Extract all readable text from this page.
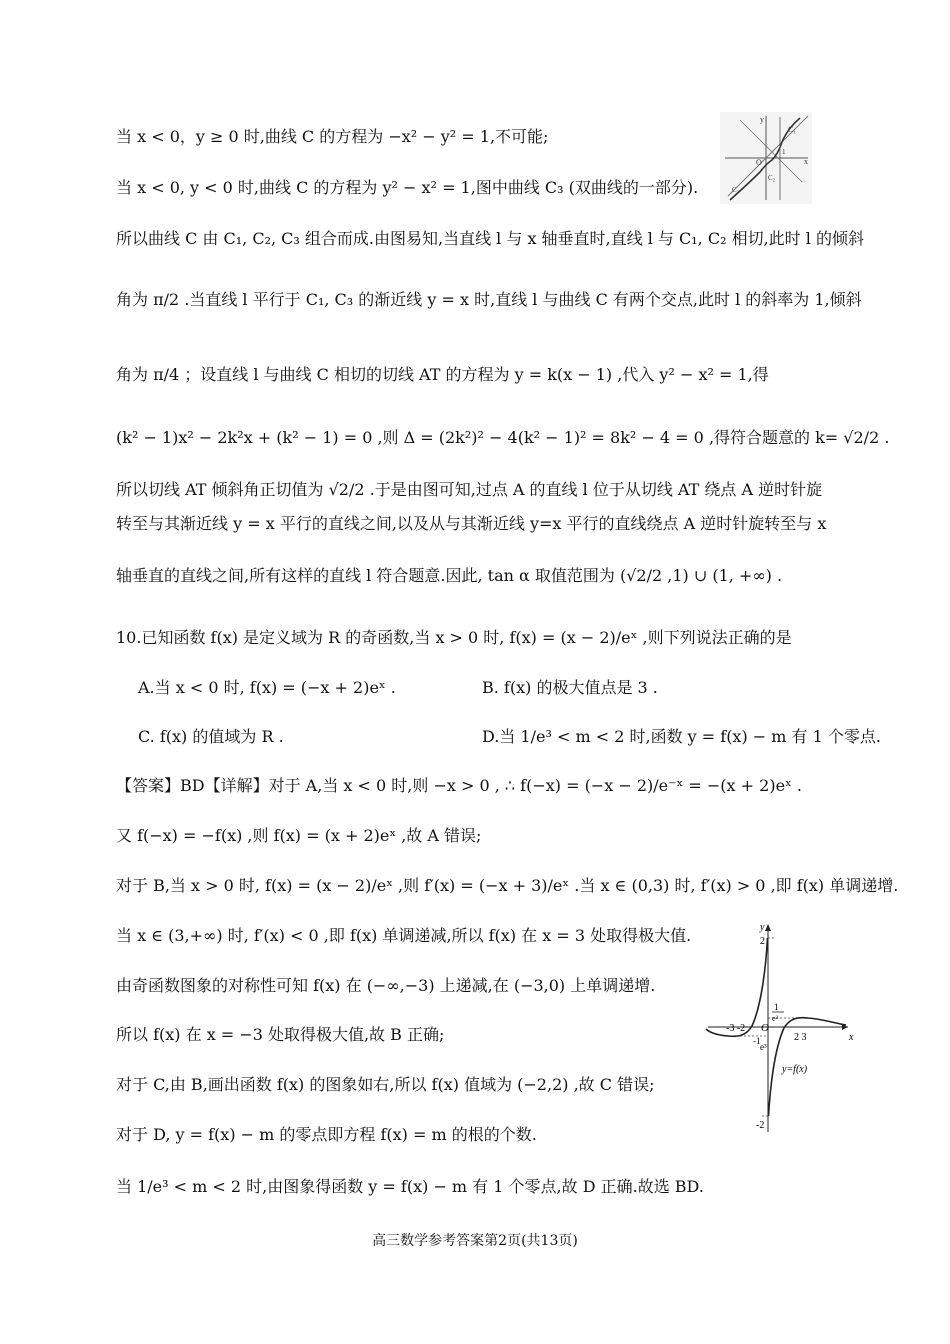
当 x < 0，y ≥ 0 时,曲线 C 的方程为 −x² − y² = 1,不可能;
当 x < 0, y < 0 时,曲线 C 的方程为 y² − x² = 1,图中曲线 C₃ (双曲线的一部分).
所以曲线 C 由 C₁, C₂, C₃ 组合而成.由图易知,当直线 l 与 x 轴垂直时,直线 l 与 C₁, C₂ 相切,此时 l 的倾斜
角为 π/2 .当直线 l 平行于 C₁, C₃ 的渐近线 y = x 时,直线 l 与曲线 C 有两个交点,此时 l 的斜率为 1,倾斜
角为 π/4 ；设直线 l 与曲线 C 相切的切线 AT 的方程为 y = k(x − 1) ,代入 y² − x² = 1,得
(k² − 1)x² − 2k²x + (k² − 1) = 0 ,则 Δ = (2k²)² − 4(k² − 1)² = 8k² − 4 = 0 ,得符合题意的 k= √2/2 .
所以切线 AT 倾斜角正切值为 √2/2 .于是由图可知,过点 A 的直线 l 位于从切线 AT 绕点 A 逆时针旋
转至与其渐近线 y = x 平行的直线之间,以及从与其渐近线 y=x 平行的直线绕点 A 逆时针旋转至与 x
轴垂直的直线之间,所有这样的直线 l 符合题意.因此, tan α 取值范围为 (√2/2 ,1) ∪ (1, +∞) .
10.已知函数 f(x) 是定义域为 R 的奇函数,当 x > 0 时, f(x) = (x − 2)/eˣ ,则下列说法正确的是
A.当 x < 0 时, f(x) = (−x + 2)eˣ .	B. f(x) 的极大值点是 3 .
C. f(x) 的值域为 R .	D.当 1/e³ < m < 2 时,函数 y = f(x) − m 有 1 个零点.
【答案】BD【详解】对于 A,当 x < 0 时,则 −x > 0 , ∴ f(−x) = (−x − 2)/e⁻ˣ = −(x + 2)eˣ .
又 f(−x) = −f(x) ,则 f(x) = (x + 2)eˣ ,故 A 错误;
对于 B,当 x > 0 时, f(x) = (x − 2)/eˣ ,则 f′(x) = (−x + 3)/eˣ .当 x ∈ (0,3) 时, f′(x) > 0 ,即 f(x) 单调递增.
当 x ∈ (3,+∞) 时, f′(x) < 0 ,即 f(x) 单调递减,所以 f(x) 在 x = 3 处取得极大值.
由奇函数图象的对称性可知 f(x) 在 (−∞,−3) 上递减,在 (−3,0) 上单调递增.
所以 f(x) 在 x = −3 处取得极大值,故 B 正确;
对于 C,由 B,画出函数 f(x) 的图象如右,所以 f(x) 值域为 (−2,2) ,故 C 错误;
对于 D, y = f(x) − m 的零点即方程 f(x) = m 的根的个数.
当 1/e³ < m < 2 时,由图象得函数 y = f(x) − m 有 1 个零点,故 D 正确.故选 BD.
y
C₁
O
1
x
C₂
C₃
y
x
2
-2
O
-3 -2
-1
e³
1
e³
2 3
y=f(x)
高三数学参考答案第2页(共13页)
